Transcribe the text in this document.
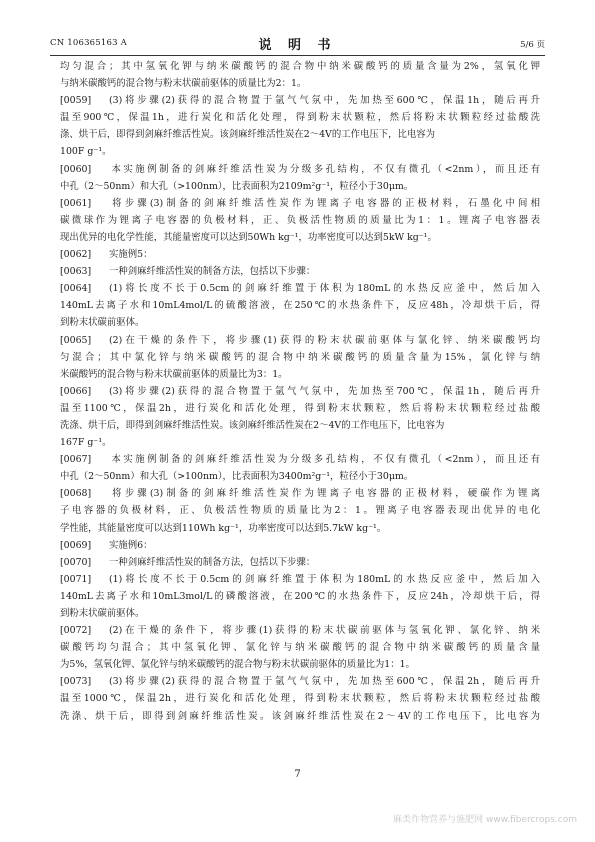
CN 106365163 A	说 明 书	5/6 页
均匀混合；其中氢氧化钾与纳米碳酸钙的混合物中纳米碳酸钙的质量含量为2%，氢氧化钾
与纳米碳酸钙的混合物与粉末状碳前驱体的质量比为2：1。
[0059] (3)将步骤(2)获得的混合物置于氩气气氛中，先加热至600℃，保温1h，随后再升
温至900℃，保温1h，进行炭化和活化处理，得到粉末状颗粒，然后将粉末状颗粒经过盐酸洗
涤、烘干后，即得到剑麻纤维活性炭。该剑麻纤维活性炭在2～4V的工作电压下，比电容为
100F g⁻¹。
[0060] 本实施例制备的剑麻纤维活性炭为分级多孔结构，不仅有微孔（<2nm），而且还有
中孔（2～50nm）和大孔（>100nm），比表面积为2109m²g⁻¹，粒径小于30μm。
[0061] 将步骤(3)制备的剑麻纤维活性炭作为锂离子电容器的正极材料，石墨化中间相
碳微球作为锂离子电容器的负极材料，正、负极活性物质的质量比为1：1。锂离子电容器表
现出优异的电化学性能，其能量密度可以达到50Wh kg⁻¹，功率密度可以达到5kW kg⁻¹。
[0062] 实施例5：
[0063] 一种剑麻纤维活性炭的制备方法，包括以下步骤：
[0064] (1)将长度不长于0.5cm的剑麻纤维置于体积为180mL的水热反应釜中，然后加入
140mL去离子水和10mL4mol/L的硫酸溶液，在250℃的水热条件下，反应48h，冷却烘干后，得
到粉末状碳前驱体。
[0065] (2)在干燥的条件下，将步骤(1)获得的粉末状碳前驱体与氯化锌、纳米碳酸钙均
匀混合；其中氯化锌与纳米碳酸钙的混合物中纳米碳酸钙的质量含量为15%，氯化锌与纳
米碳酸钙的混合物与粉末状碳前驱体的质量比为3：1。
[0066] (3)将步骤(2)获得的混合物置于氩气气氛中，先加热至700℃，保温1h，随后再升
温至1100℃，保温2h，进行炭化和活化处理，得到粉末状颗粒，然后将粉末状颗粒经过盐酸
洗涤、烘干后，即得到剑麻纤维活性炭。该剑麻纤维活性炭在2～4V的工作电压下，比电容为
167F g⁻¹。
[0067] 本实施例制备的剑麻纤维活性炭为分级多孔结构，不仅有微孔（<2nm），而且还有
中孔（2～50nm）和大孔（>100nm），比表面积为3400m²g⁻¹，粒径小于30μm。
[0068] 将步骤(3)制备的剑麻纤维活性炭作为锂离子电容器的正极材料，硬碳作为锂离
子电容器的负极材料，正、负极活性物质的质量比为2：1。锂离子电容器表现出优异的电化
学性能，其能量密度可以达到110Wh kg⁻¹，功率密度可以达到5.7kW kg⁻¹。
[0069] 实施例6：
[0070] 一种剑麻纤维活性炭的制备方法，包括以下步骤：
[0071] (1)将长度不长于0.5cm的剑麻纤维置于体积为180mL的水热反应釜中，然后加入
140mL去离子水和10mL3mol/L的磷酸溶液，在200℃的水热条件下，反应24h，冷却烘干后，得
到粉末状碳前驱体。
[0072] (2)在干燥的条件下，将步骤(1)获得的粉末状碳前驱体与氢氧化钾、氯化锌、纳米
碳酸钙均匀混合；其中氢氧化钾、氯化锌与纳米碳酸钙的混合物中纳米碳酸钙的质量含量
为5%，氢氧化钾、氯化锌与纳米碳酸钙的混合物与粉末状碳前驱体的质量比为1：1。
[0073] (3)将步骤(2)获得的混合物置于氩气气氛中，先加热至600℃，保温2h，随后再升
温至1000℃，保温2h，进行炭化和活化处理，得到粉末状颗粒，然后将粉末状颗粒经过盐酸
洗涤、烘干后，即得到剑麻纤维活性炭。该剑麻纤维活性炭在2～4V的工作电压下，比电容为
7
麻类作物营养与施肥网 www.fibercrops.com
